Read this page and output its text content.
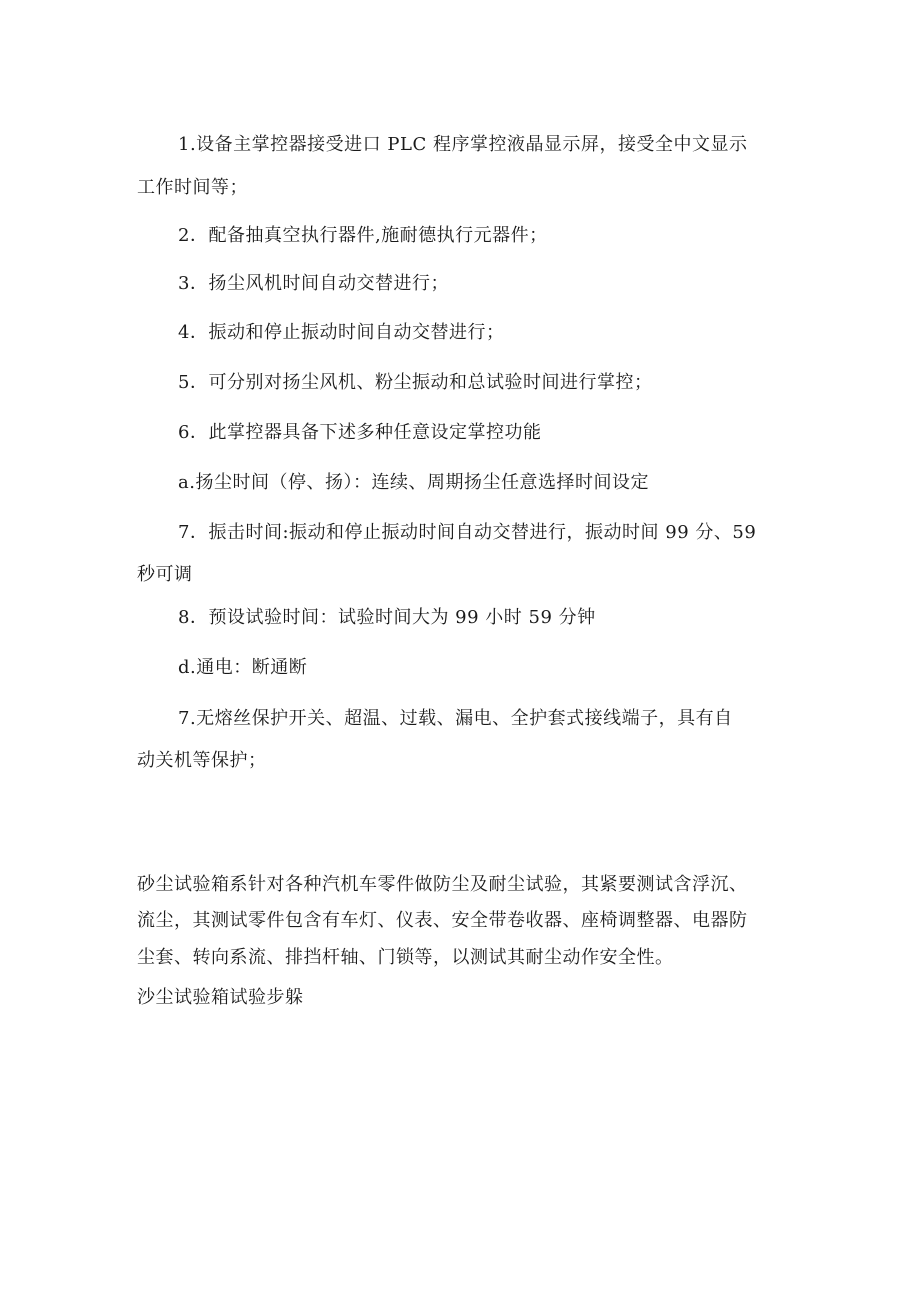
1.设备主掌控器接受进口 PLC 程序掌控液晶显示屏，接受全中文显示
工作时间等；
2．配备抽真空执行器件,施耐德执行元器件；
3．扬尘风机时间自动交替进行；
4．振动和停止振动时间自动交替进行；
5．可分别对扬尘风机、粉尘振动和总试验时间进行掌控；
6．此掌控器具备下述多种任意设定掌控功能
a.扬尘时间（停、扬）：连续、周期扬尘任意选择时间设定
7．振击时间:振动和停止振动时间自动交替进行，振动时间 99 分、59
秒可调
8．预设试验时间：试验时间大为 99 小时 59 分钟
d.通电：断通断
7.无熔丝保护开关、超温、过载、漏电、全护套式接线端子，具有自
动关机等保护；
砂尘试验箱系针对各种汽机车零件做防尘及耐尘试验，其紧要测试含浮沉、
流尘，其测试零件包含有车灯、仪表、安全带卷收器、座椅调整器、电器防
尘套、转向系流、排挡杆轴、门锁等，以测试其耐尘动作安全性。
沙尘试验箱试验步躲
